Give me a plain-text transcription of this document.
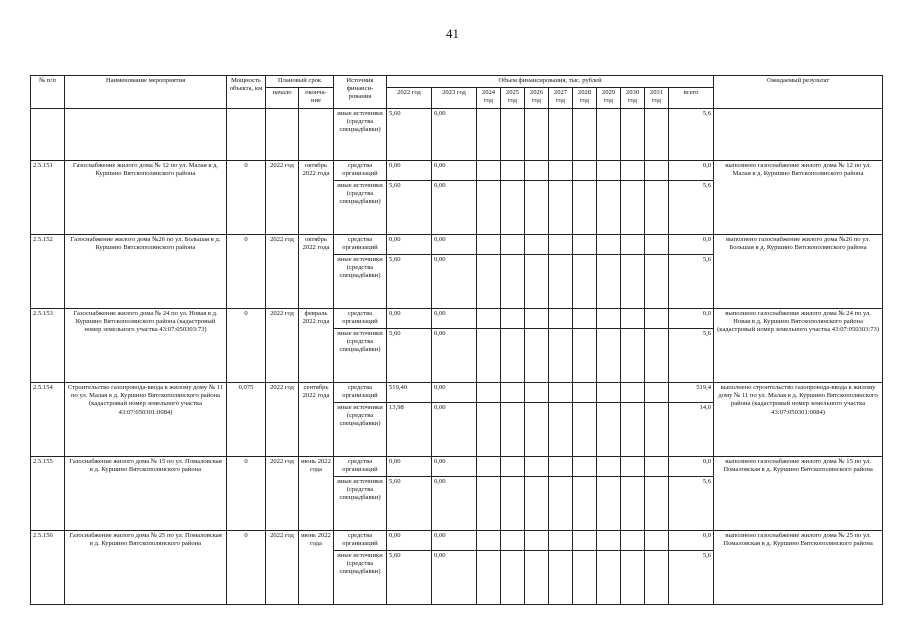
41
№ п/п	Наименование мероприятия	Мощность объекта, км	Плановый срок		Источник финанси-рования	Объем финансирования, тыс. рублей											Ожидаемый результат
			начало	оконча-ние		2022 год	2023 год	2024 год	2025 год	2026 год	2027 год	2028 год	2029 год	2030 год	2031 год	всего	
					иные источники (средства спецнадбавки)	5,60	0,00									5,6	
2.5.151	Газоснабжение жилого дома № 12 по ул. Малая в д. Куршино Вятскополянского района	0	2022 год	октябрь 2022 года	средства организаций	0,00	0,00									0,0	выполнено газоснабжение жилого дома № 12 по ул. Малая в д. Куршино Вятскополянского района
					иные источники (средства спецнадбавки)	5,60	0,00									5,6	
2.5.152	Газоснабжение жилого дома №26 по ул. Большая в д. Куршино Вятскополянского района	0	2022 год	октябрь 2022 года	средства организаций	0,00	0,00									0,0	выполнено газоснабжение жилого дома №26 по ул. Большая в д. Куршино Вятскополянского района
					иные источники (средства спецнадбавки)	5,60	0,00									5,6	
2.5.153	Газоснабжение жилого дома № 24 по ул. Новая в д. Куршино Вятскополянского района (кадастровый номер земельного участка 43:07:050303:73)	0	2022 год	февраль 2022 года	средства организаций	0,00	0,00									0,0	выполнено газоснабжение жилого дома № 24 по ул. Новая в д. Куршино Вятскополянского района (кадастровый номер земельного участка 43:07:050303:73)
					иные источники (средства спецнадбавки)	5,60	0,00									5,6	
2.5.154	Строительство газопровода-ввода к жилому дому № 11 по ул. Малая в д. Куршино Вятскополянского района (кадастровый номер земельного участка 43:07:050301:0084)	0,075	2022 год	сентябрь 2022 года	средства организаций	519,40	0,00									519,4	выполнено строительство газопровода-ввода к жилому дому № 11 по ул. Малая в д. Куршино Вятскополянского района (кадастровый номер земельного участка 43:07:050301:0084)
					иные источники (средства спецнадбавки)	13,98	0,00									14,0	
2.5.155	Газоснабжение жилого дома № 15 по ул. Помаловская в д. Куршино Вятскополянского района	0	2022 год	июнь 2022 года	средства организаций	0,00	0,00									0,0	выполнено газоснабжение жилого дома № 15 по ул. Помаловская в д. Куршино Вятскополянского района
					иные источники (средства спецнадбавки)	5,60	0,00									5,6	
2.5.156	Газоснабжение жилого дома № 25 по ул. Помаловская в д. Куршино Вятскополянского района	0	2022 год	июнь 2022 года	средства организаций	0,00	0,00									0,0	выполнено газоснабжение жилого дома № 25 по ул. Помаловская в д. Куршино Вятскополянского района
					иные источники (средства спецнадбавки)	5,60	0,00									5,6	
